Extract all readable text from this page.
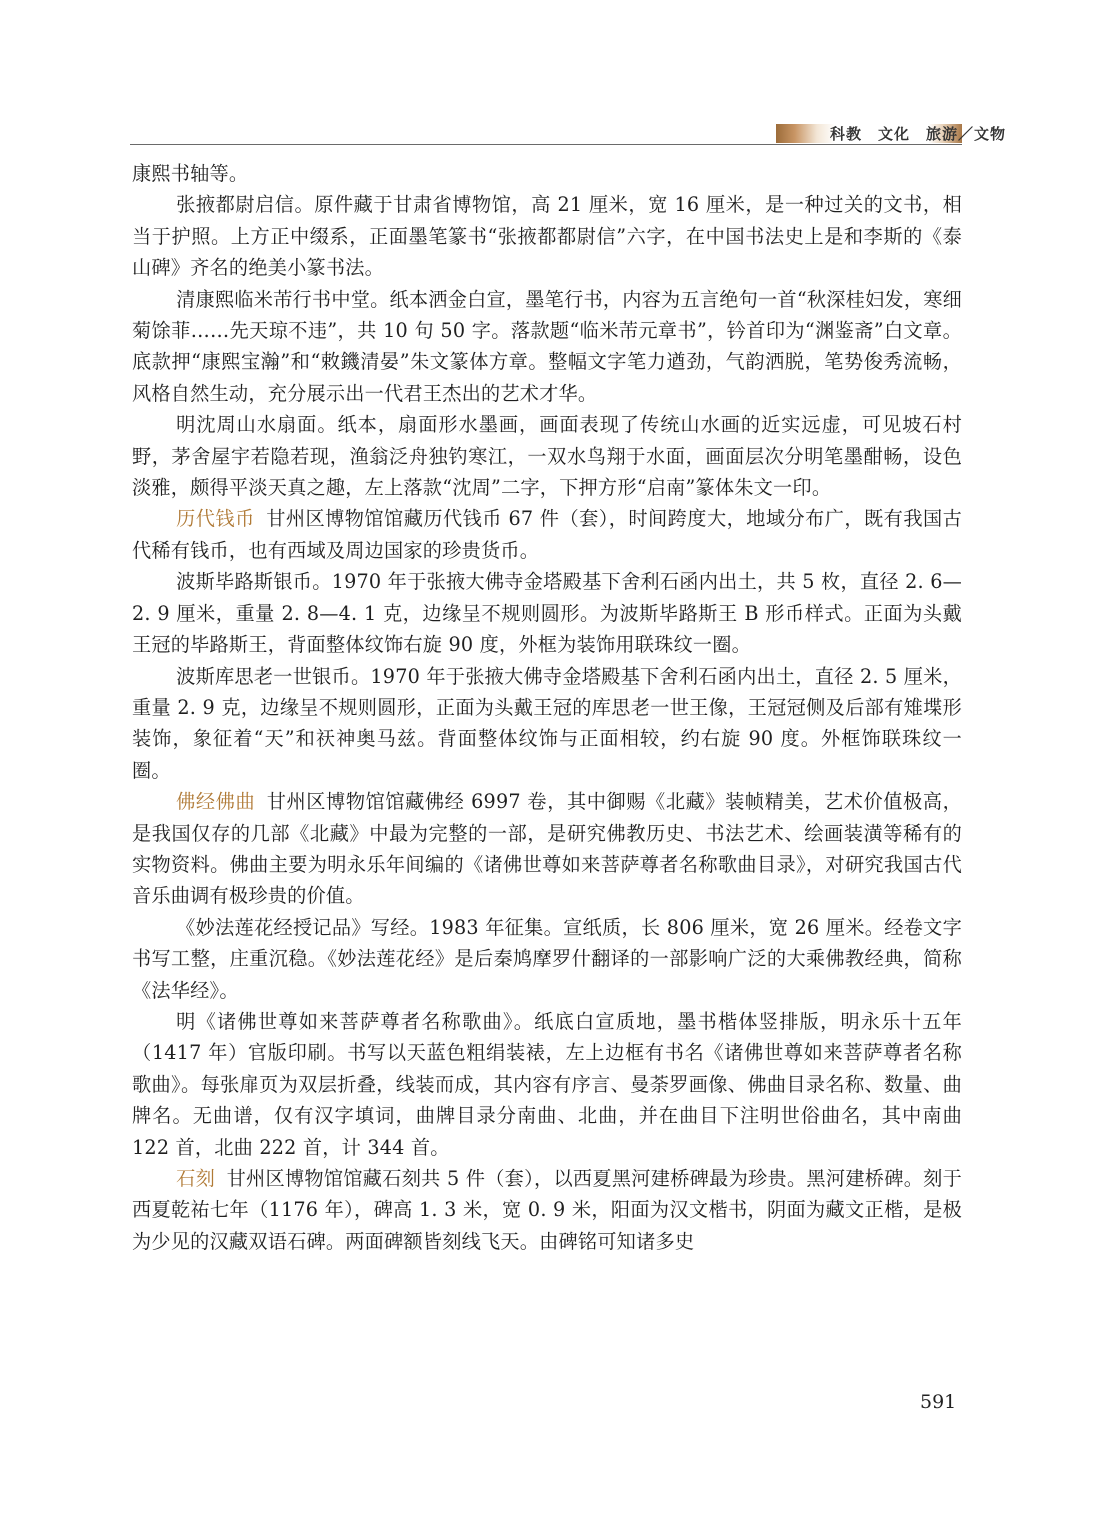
科教　文化　旅游／文物

康熙书轴等。

张掖都尉启信。原件藏于甘肃省博物馆，高 21 厘米，宽 16 厘米，是一种过关的文书，相当于护照。上方正中缀系，正面墨笔篆书“张掖都都尉信”六字，在中国书法史上是和李斯的《泰山碑》齐名的绝美小篆书法。

清康熙临米芾行书中堂。纸本洒金白宣，墨笔行书，内容为五言绝句一首“秋深桂妇发，寒细菊馀菲……先天琼不违”，共 10 句 50 字。落款题“临米芾元章书”，钤首印为“渊鉴斋”白文章。底款押“康熙宝瀚”和“敕鐖清晏”朱文篆体方章。整幅文字笔力遒劲，气韵洒脱，笔势俊秀流畅，风格自然生动，充分展示出一代君王杰出的艺术才华。

明沈周山水扇面。纸本，扇面形水墨画，画面表现了传统山水画的近实远虚，可见坡石村野，茅舍屋宇若隐若现，渔翁泛舟独钓寒江，一双水鸟翔于水面，画面层次分明笔墨酣畅，设色淡雅，颇得平淡天真之趣，左上落款“沈周”二字，下押方形“启南”篆体朱文一印。

历代钱币 甘州区博物馆馆藏历代钱币 67 件（套），时间跨度大，地域分布广，既有我国古代稀有钱币，也有西域及周边国家的珍贵货币。

波斯毕路斯银币。1970 年于张掖大佛寺金塔殿基下舍利石函内出土，共 5 枚，直径 2. 6—2. 9 厘米，重量 2. 8—4. 1 克，边缘呈不规则圆形。为波斯毕路斯王 B 形币样式。正面为头戴王冠的毕路斯王，背面整体纹饰右旋 90 度，外框为装饰用联珠纹一圈。

波斯库思老一世银币。1970 年于张掖大佛寺金塔殿基下舍利石函内出土，直径 2. 5 厘米，重量 2. 9 克，边缘呈不规则圆形，正面为头戴王冠的库思老一世王像，王冠冠侧及后部有雉堞形装饰，象征着“天”和祆神奥马兹。背面整体纹饰与正面相较，约右旋 90 度。外框饰联珠纹一圈。

佛经佛曲 甘州区博物馆馆藏佛经 6997 卷，其中御赐《北藏》装帧精美，艺术价值极高，是我国仅存的几部《北藏》中最为完整的一部，是研究佛教历史、书法艺术、绘画装潢等稀有的实物资料。佛曲主要为明永乐年间编的《诸佛世尊如来菩萨尊者名称歌曲目录》，对研究我国古代音乐曲调有极珍贵的价值。

《妙法莲花经授记品》写经。1983 年征集。宣纸质，长 806 厘米，宽 26 厘米。经卷文字书写工整，庄重沉稳。《妙法莲花经》是后秦鸠摩罗什翻译的一部影响广泛的大乘佛教经典，简称《法华经》。

明《诸佛世尊如来菩萨尊者名称歌曲》。纸底白宣质地，墨书楷体竖排版，明永乐十五年（1417 年）官版印刷。书写以天蓝色粗绢装裱，左上边框有书名《诸佛世尊如来菩萨尊者名称歌曲》。每张扉页为双层折叠，线装而成，其内容有序言、曼荼罗画像、佛曲目录名称、数量、曲牌名。无曲谱，仅有汉字填词，曲牌目录分南曲、北曲，并在曲目下注明世俗曲名，其中南曲 122 首，北曲 222 首，计 344 首。

石刻 甘州区博物馆馆藏石刻共 5 件（套），以西夏黑河建桥碑最为珍贵。黑河建桥碑。刻于西夏乾祐七年（1176 年），碑高 1. 3 米，宽 0. 9 米，阳面为汉文楷书，阴面为藏文正楷，是极为少见的汉藏双语石碑。两面碑额皆刻线飞天。由碑铭可知诸多史

591
